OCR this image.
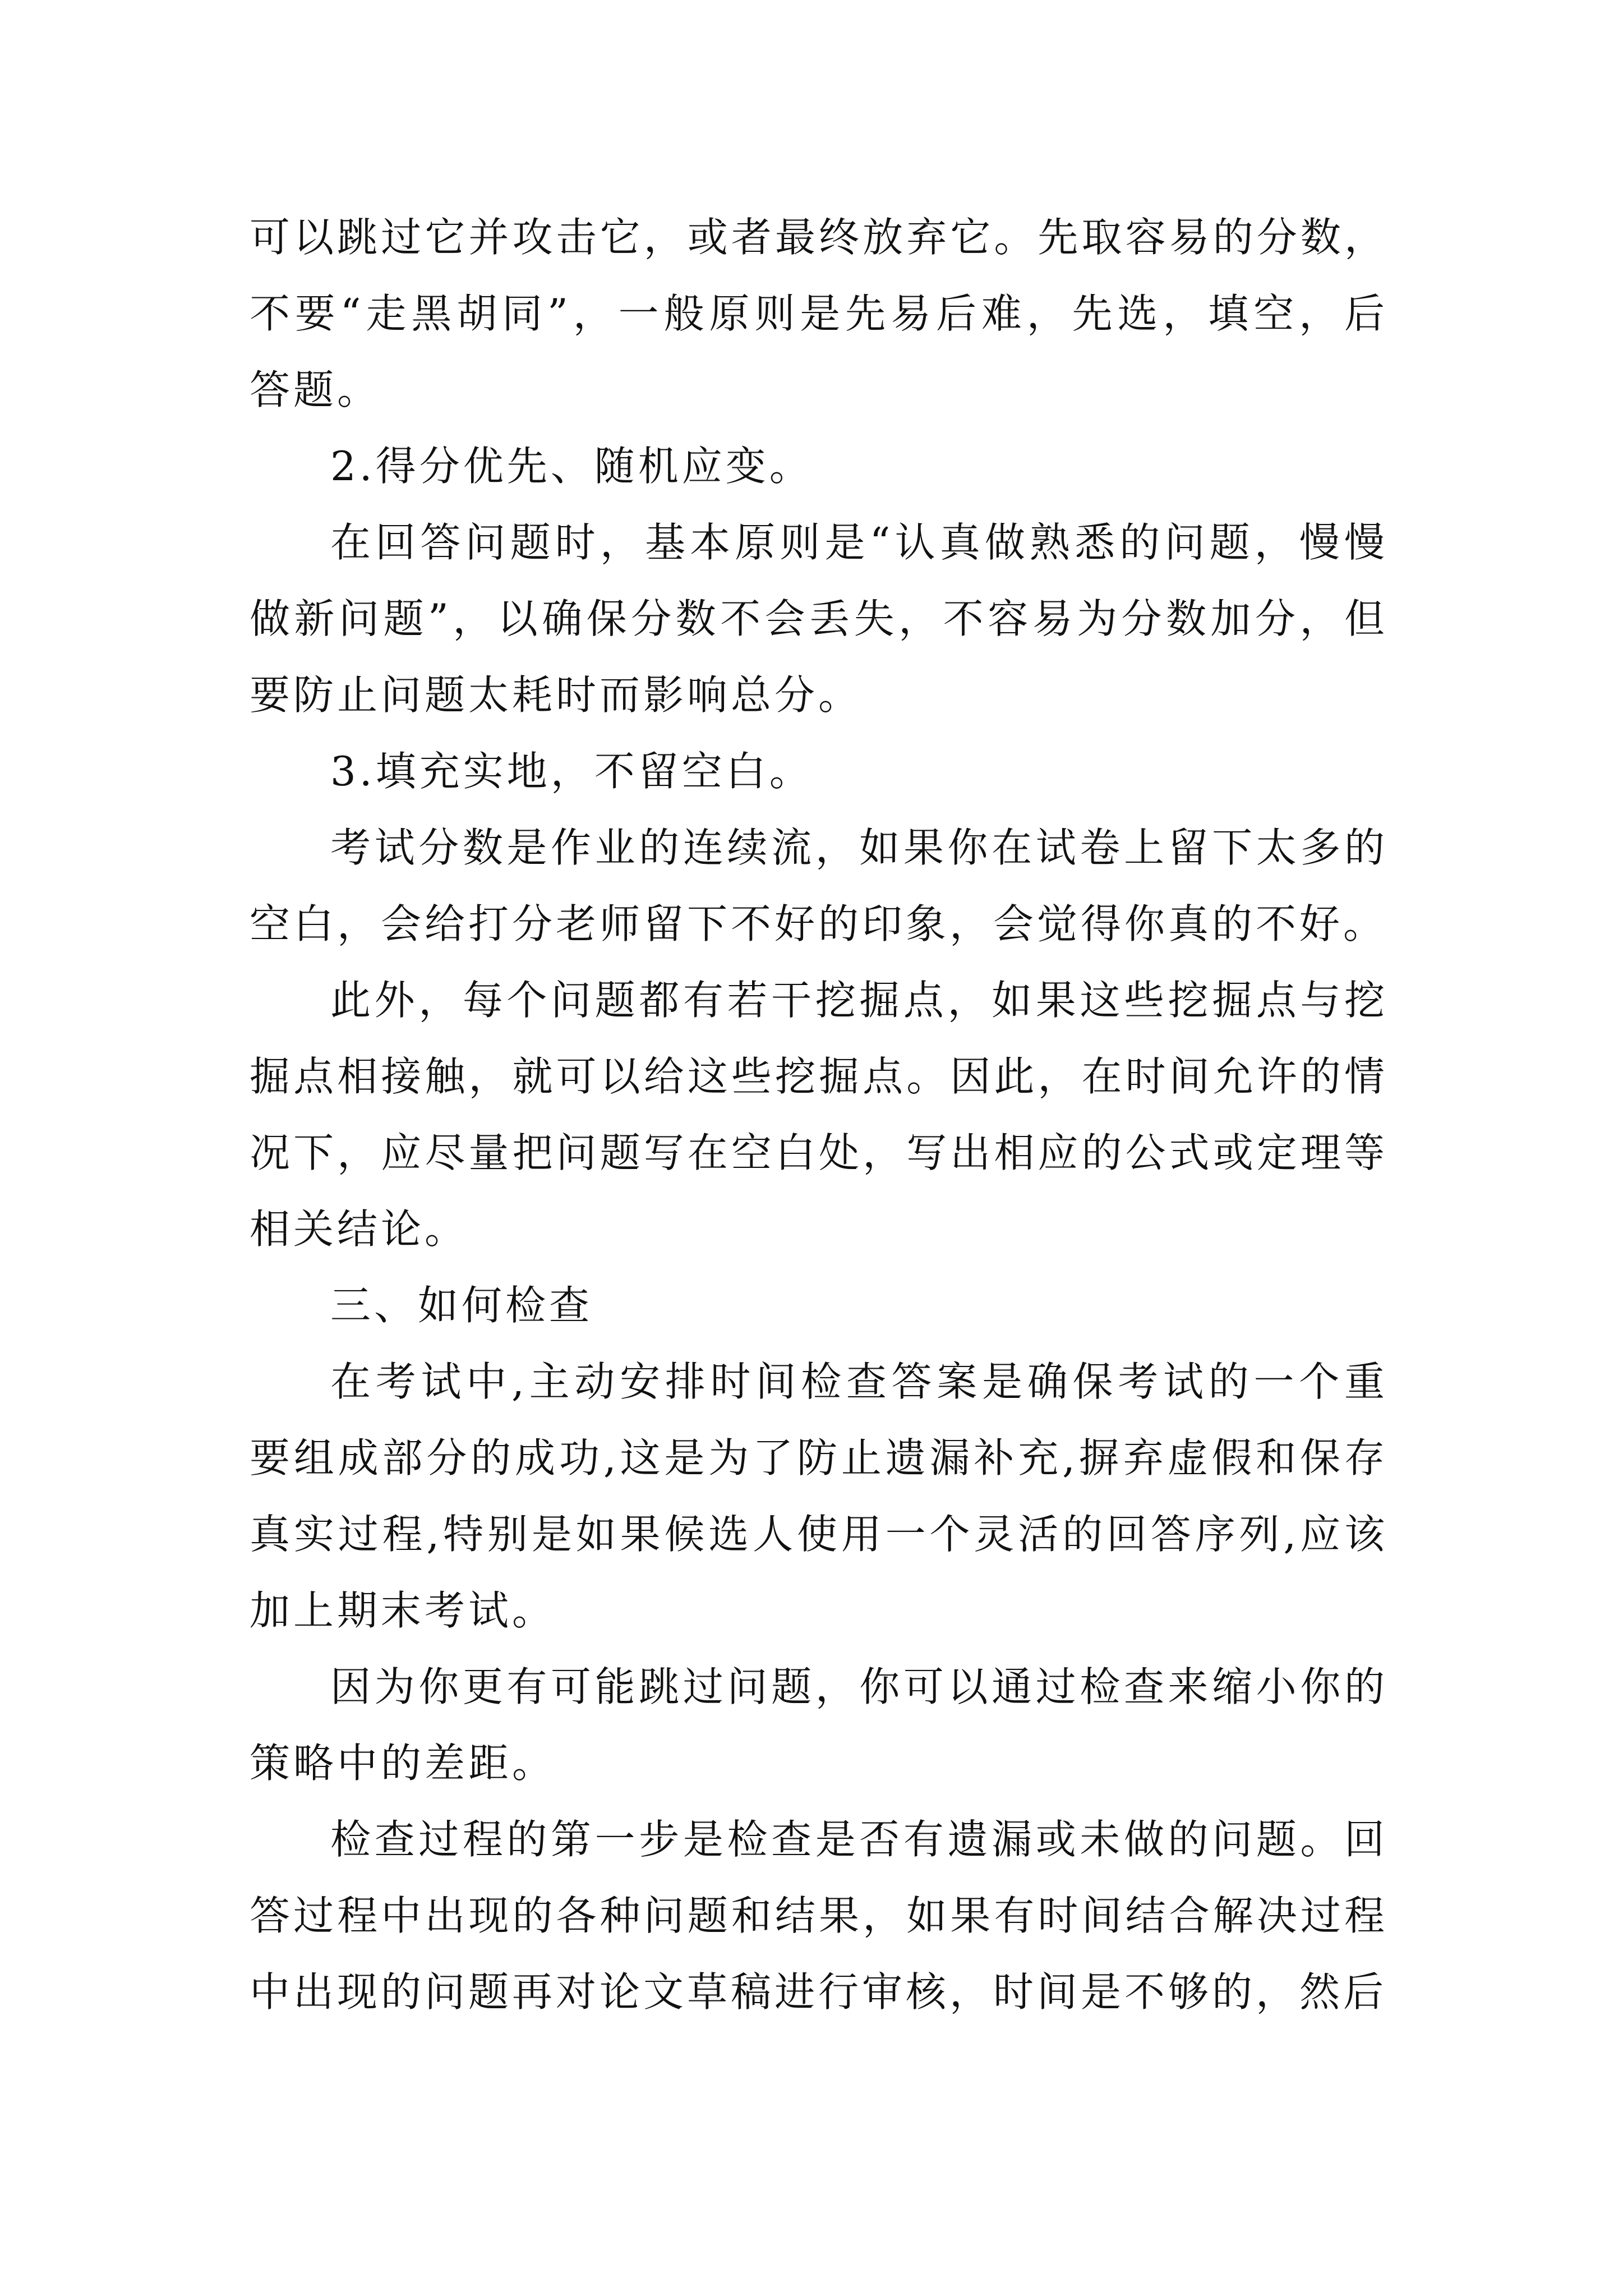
可以跳过它并攻击它，或者最终放弃它。先取容易的分数，不要“走黑胡同”，一般原则是先易后难，先选，填空，后答题。

2.得分优先、随机应变。

在回答问题时，基本原则是“认真做熟悉的问题，慢慢做新问题”，以确保分数不会丢失，不容易为分数加分，但要防止问题太耗时而影响总分。

3.填充实地，不留空白。

考试分数是作业的连续流，如果你在试卷上留下太多的空白，会给打分老师留下不好的印象，会觉得你真的不好。

此外，每个问题都有若干挖掘点，如果这些挖掘点与挖掘点相接触，就可以给这些挖掘点。因此，在时间允许的情况下，应尽量把问题写在空白处，写出相应的公式或定理等相关结论。

三、如何检查

在考试中,主动安排时间检查答案是确保考试的一个重要组成部分的成功,这是为了防止遗漏补充,摒弃虚假和保存真实过程,特别是如果候选人使用一个灵活的回答序列,应该加上期末考试。

因为你更有可能跳过问题，你可以通过检查来缩小你的策略中的差距。

检查过程的第一步是检查是否有遗漏或未做的问题。回答过程中出现的各种问题和结果，如果有时间结合解决过程中出现的问题再对论文草稿进行审核，时间是不够的，然后
